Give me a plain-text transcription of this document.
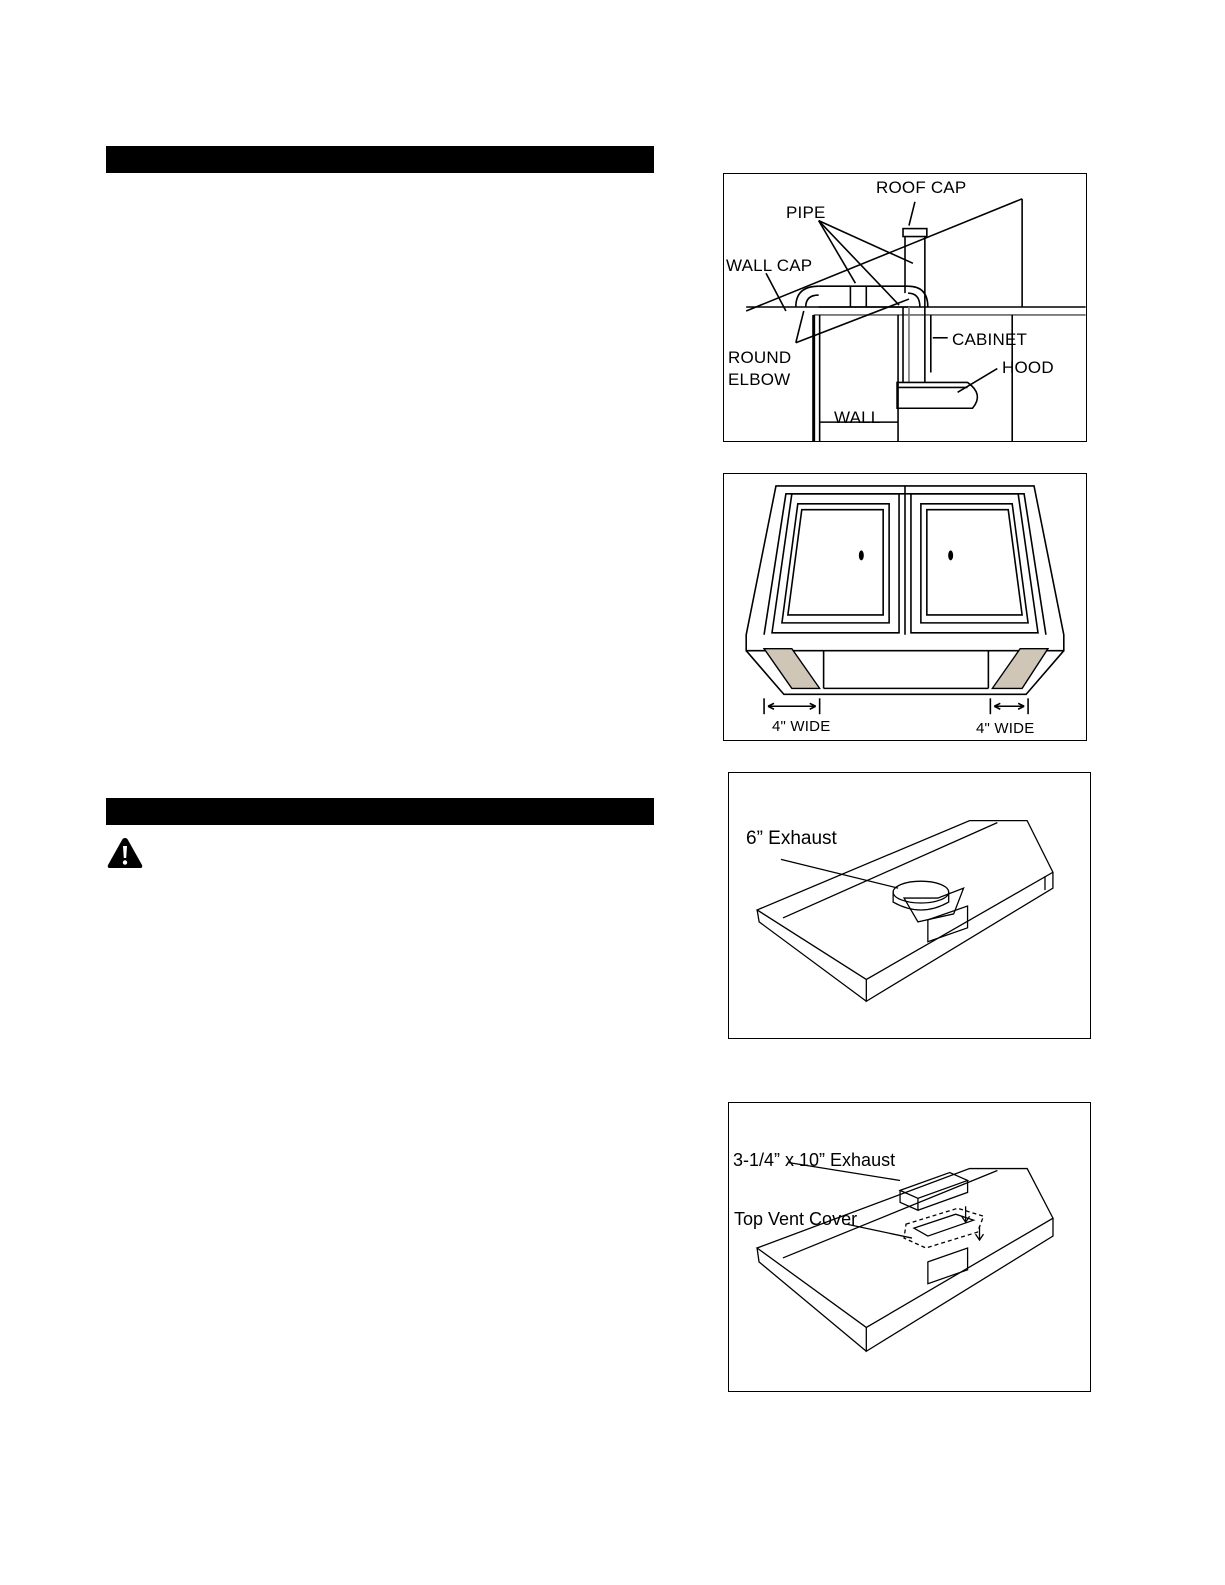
ROOF CAP
PIPE
WALL CAP
ROUND
ELBOW
CABINET
HOOD
WALL
4" WIDE	4" WIDE
6” Exhaust
3-1/4” x 10” Exhaust
Top Vent Cover
